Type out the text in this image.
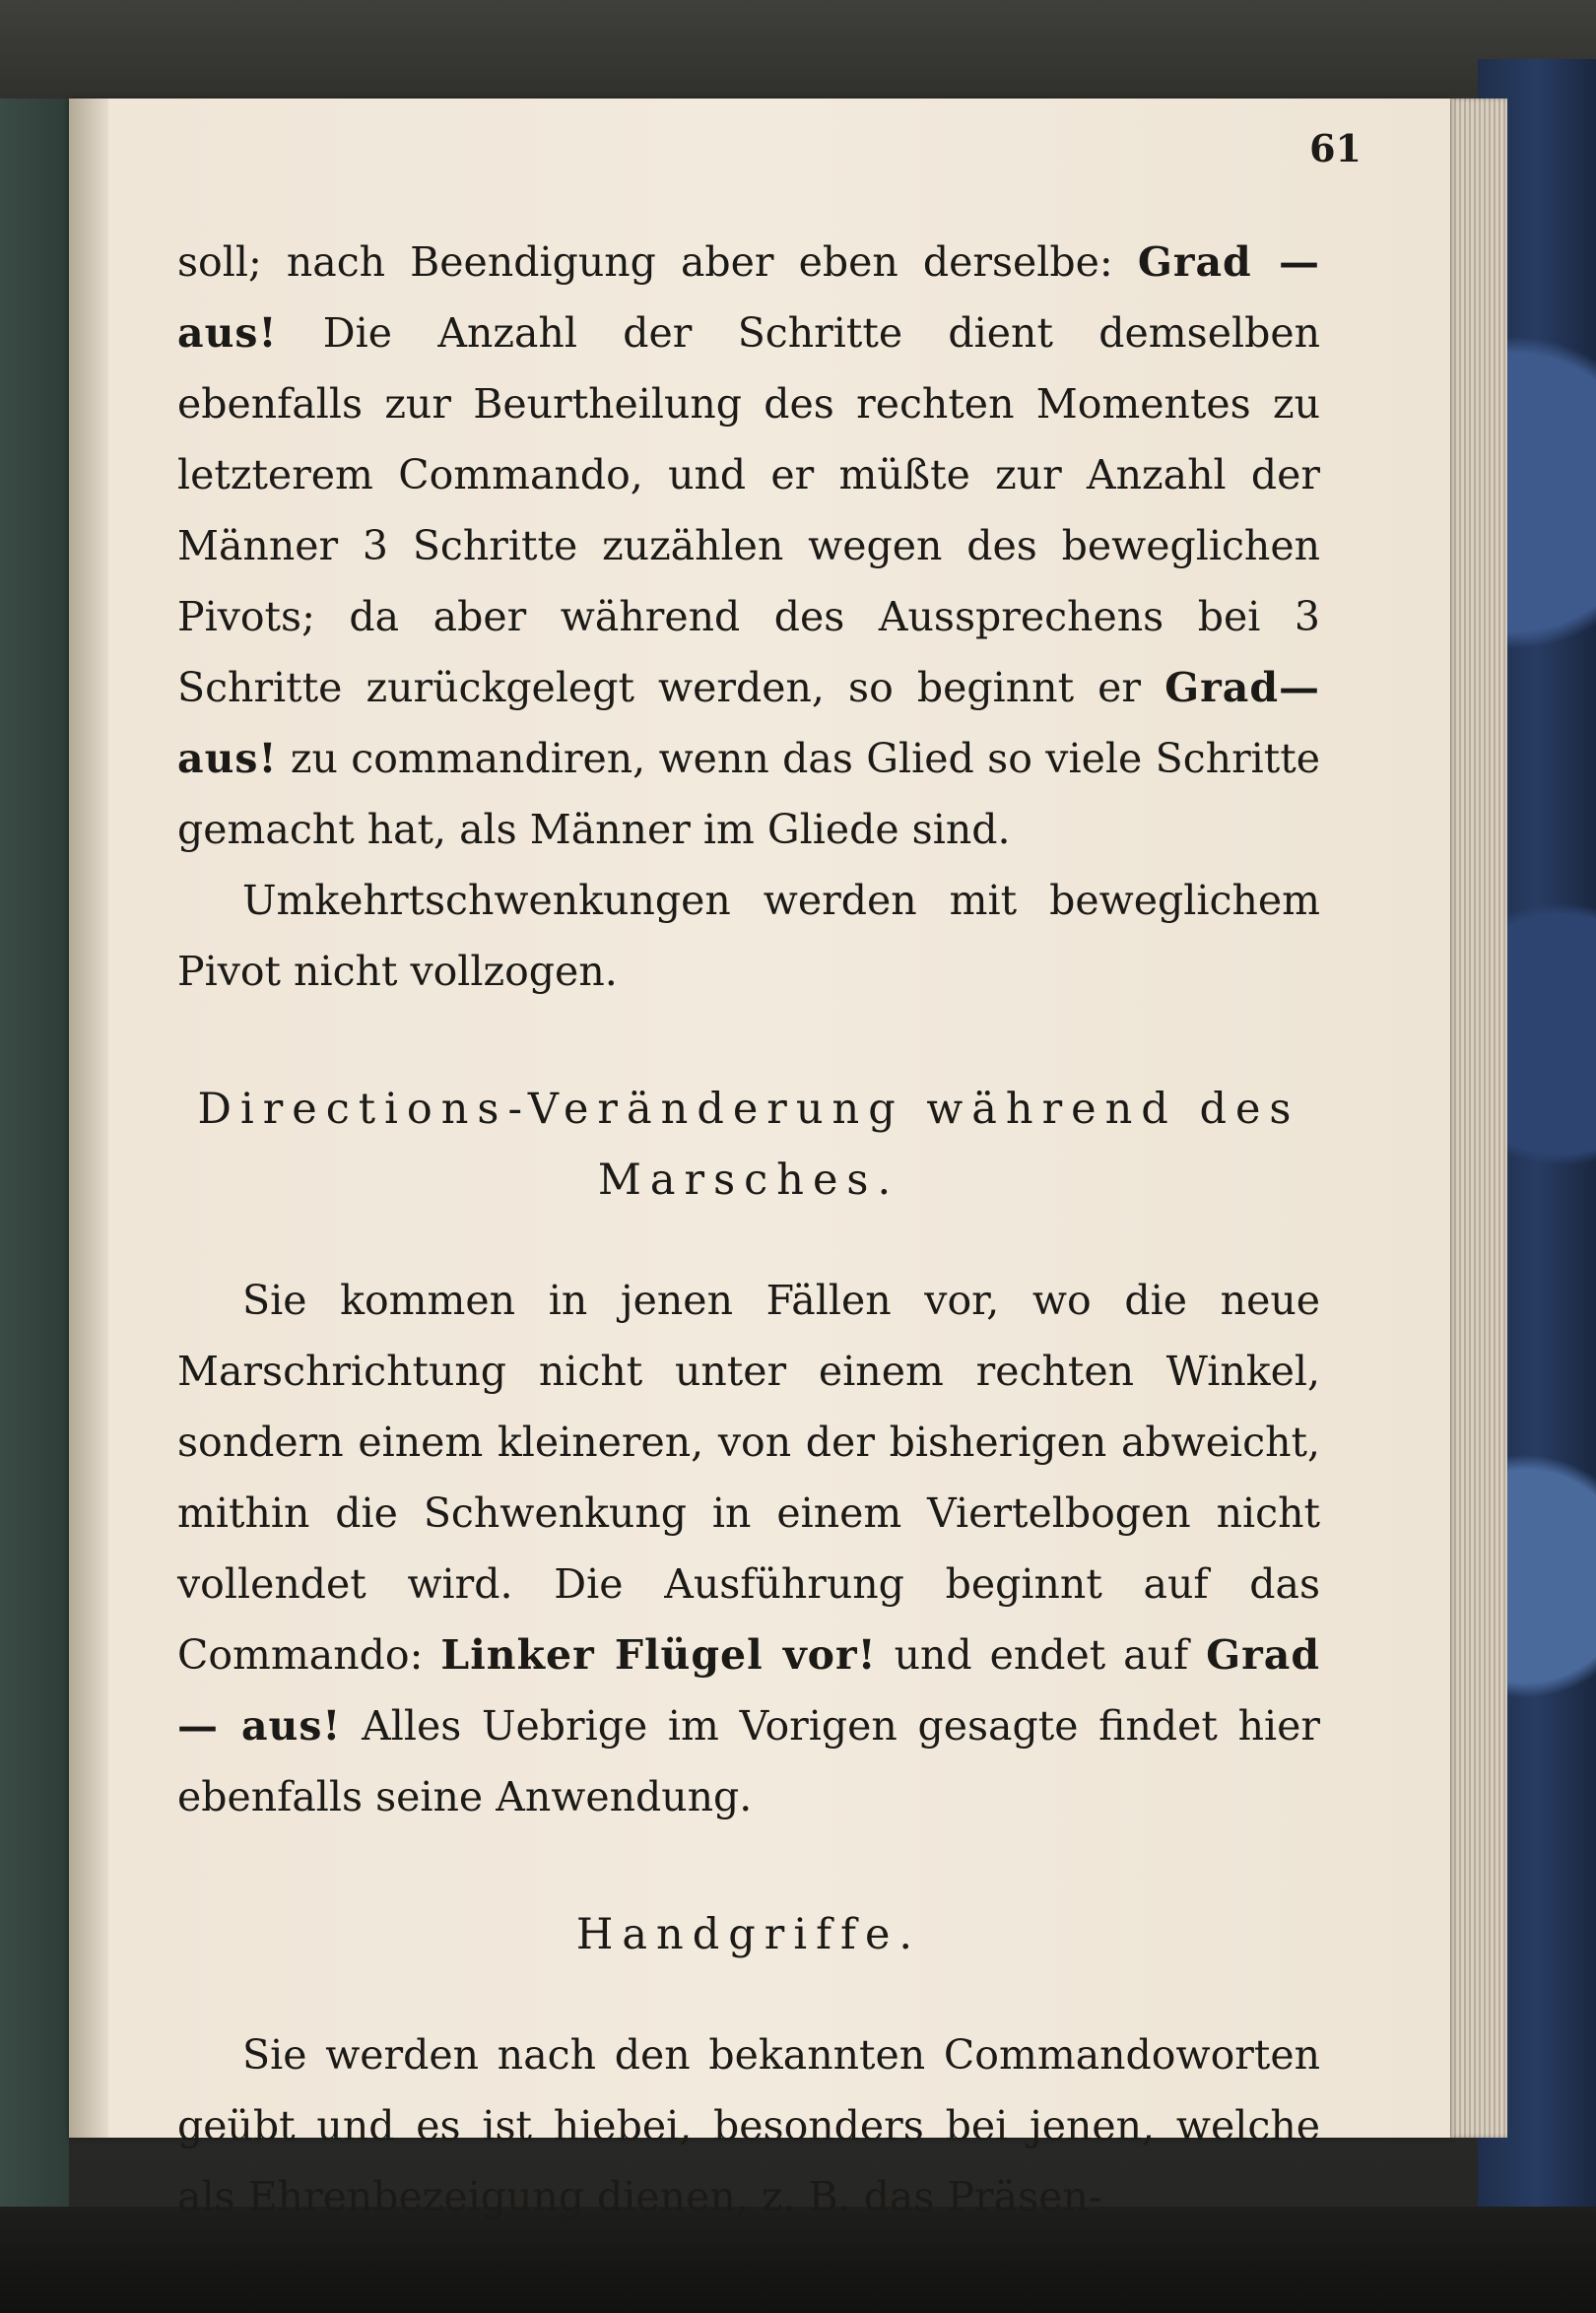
61

soll; nach Beendigung aber eben derselbe: Grad — aus! Die Anzahl der Schritte dient demselben ebenfalls zur Beurtheilung des rechten Momentes zu letzterem Commando, und er müßte zur Anzahl der Männer 3 Schritte zuzählen wegen des beweglichen Pivots; da aber während des Aussprechens bei 3 Schritte zurückgelegt werden, so beginnt er Grad— aus! zu commandiren, wenn das Glied so viele Schritte gemacht hat, als Männer im Gliede sind.

Umkehrtschwenkungen werden mit beweglichem Pivot nicht vollzogen.

Directions-Veränderung während des Marsches.

Sie kommen in jenen Fällen vor, wo die neue Marschrichtung nicht unter einem rechten Winkel, sondern einem kleineren, von der bisherigen abweicht, mithin die Schwenkung in einem Viertelbogen nicht vollendet wird. Die Ausführung beginnt auf das Commando: Linker Flügel vor! und endet auf Grad — aus! Alles Uebrige im Vorigen gesagte findet hier ebenfalls seine Anwendung.

Handgriffe.

Sie werden nach den bekannten Commandoworten geübt und es ist hiebei, besonders bei jenen, welche als Ehrenbezeigung dienen, z. B. das Präsen-
